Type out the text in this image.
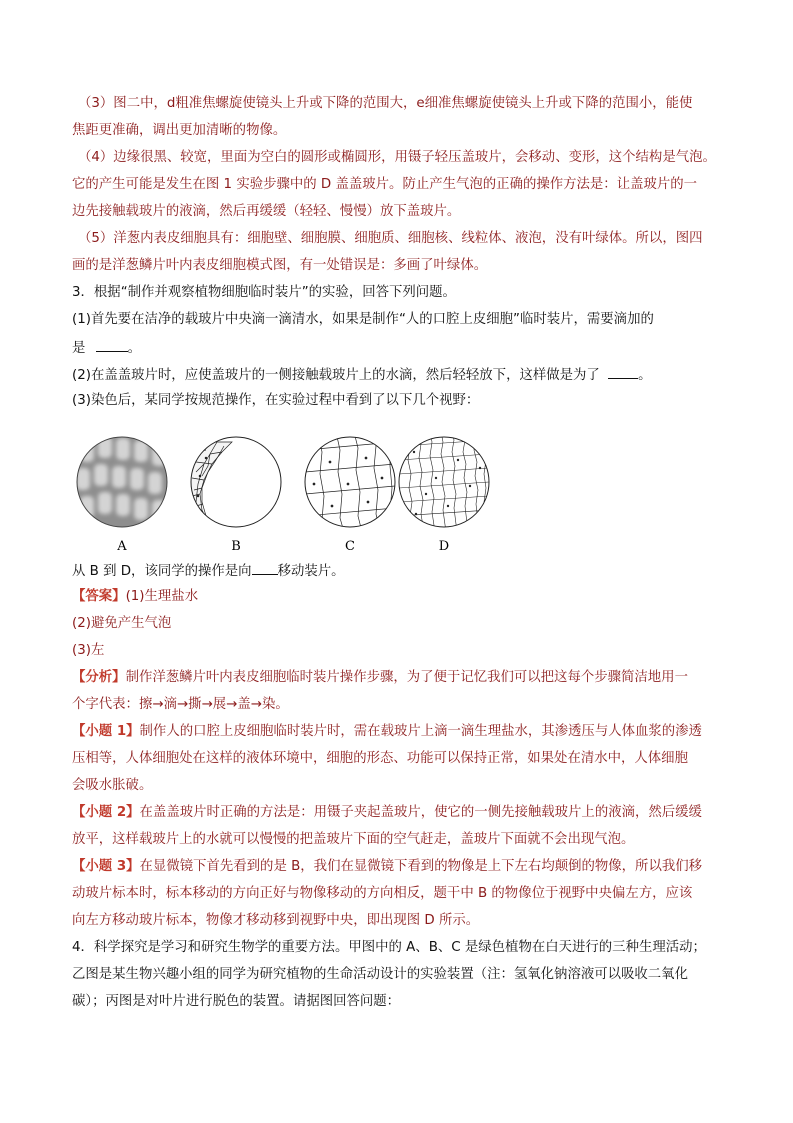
（3）图二中，d粗准焦螺旋使镜头上升或下降的范围大，e细准焦螺旋使镜头上升或下降的范围小，能使
焦距更准确，调出更加清晰的物像。
（4）边缘很黑、较宽，里面为空白的圆形或椭圆形，用镊子轻压盖玻片，会移动、变形，这个结构是气泡。
它的产生可能是发生在图 1 实验步骤中的 D 盖盖玻片。防止产生气泡的正确的操作方法是：让盖玻片的一
边先接触载玻片的液滴，然后再缓缓（轻轻、慢慢）放下盖玻片。
（5）洋葱内表皮细胞具有：细胞壁、细胞膜、细胞质、细胞核、线粒体、液泡，没有叶绿体。所以，图四
画的是洋葱鳞片叶内表皮细胞模式图，有一处错误是：多画了叶绿体。
3．根据“制作并观察植物细胞临时装片”的实验，回答下列问题。
(1)首先要在洁净的载玻片中央滴一滴清水，如果是制作“人的口腔上皮细胞”临时装片，需要滴加的
是	。
(2)在盖盖玻片时，应使盖玻片的一侧接触载玻片上的水滴，然后轻轻放下，这样做是为了	。
(3)染色后，某同学按规范操作，在实验过程中看到了以下几个视野：
A	B	C	D
从 B 到 D，该同学的操作是向 移动装片。
【答案】(1)生理盐水
(2)避免产生气泡
(3)左
【分析】制作洋葱鳞片叶内表皮细胞临时装片操作步骤，为了便于记忆我们可以把这每个步骤简洁地用一
个字代表：擦→滴→撕→展→盖→染。
【小题 1】制作人的口腔上皮细胞临时装片时，需在载玻片上滴一滴生理盐水，其渗透压与人体血浆的渗透
压相等，人体细胞处在这样的液体环境中，细胞的形态、功能可以保持正常，如果处在清水中，人体细胞
会吸水胀破。
【小题 2】在盖盖玻片时正确的方法是：用镊子夹起盖玻片，使它的一侧先接触载玻片上的液滴，然后缓缓
放平，这样载玻片上的水就可以慢慢的把盖玻片下面的空气赶走，盖玻片下面就不会出现气泡。
【小题 3】在显微镜下首先看到的是 B，我们在显微镜下看到的物像是上下左右均颠倒的物像，所以我们移
动玻片标本时，标本移动的方向正好与物像移动的方向相反，题干中 B 的物像位于视野中央偏左方，应该
向左方移动玻片标本，物像才移动移到视野中央，即出现图 D 所示。
4．科学探究是学习和研究生物学的重要方法。甲图中的 A、B、C 是绿色植物在白天进行的三种生理活动；
乙图是某生物兴趣小组的同学为研究植物的生命活动设计的实验装置（注：氢氧化钠溶液可以吸收二氧化
碳）；丙图是对叶片进行脱色的装置。请据图回答问题：
